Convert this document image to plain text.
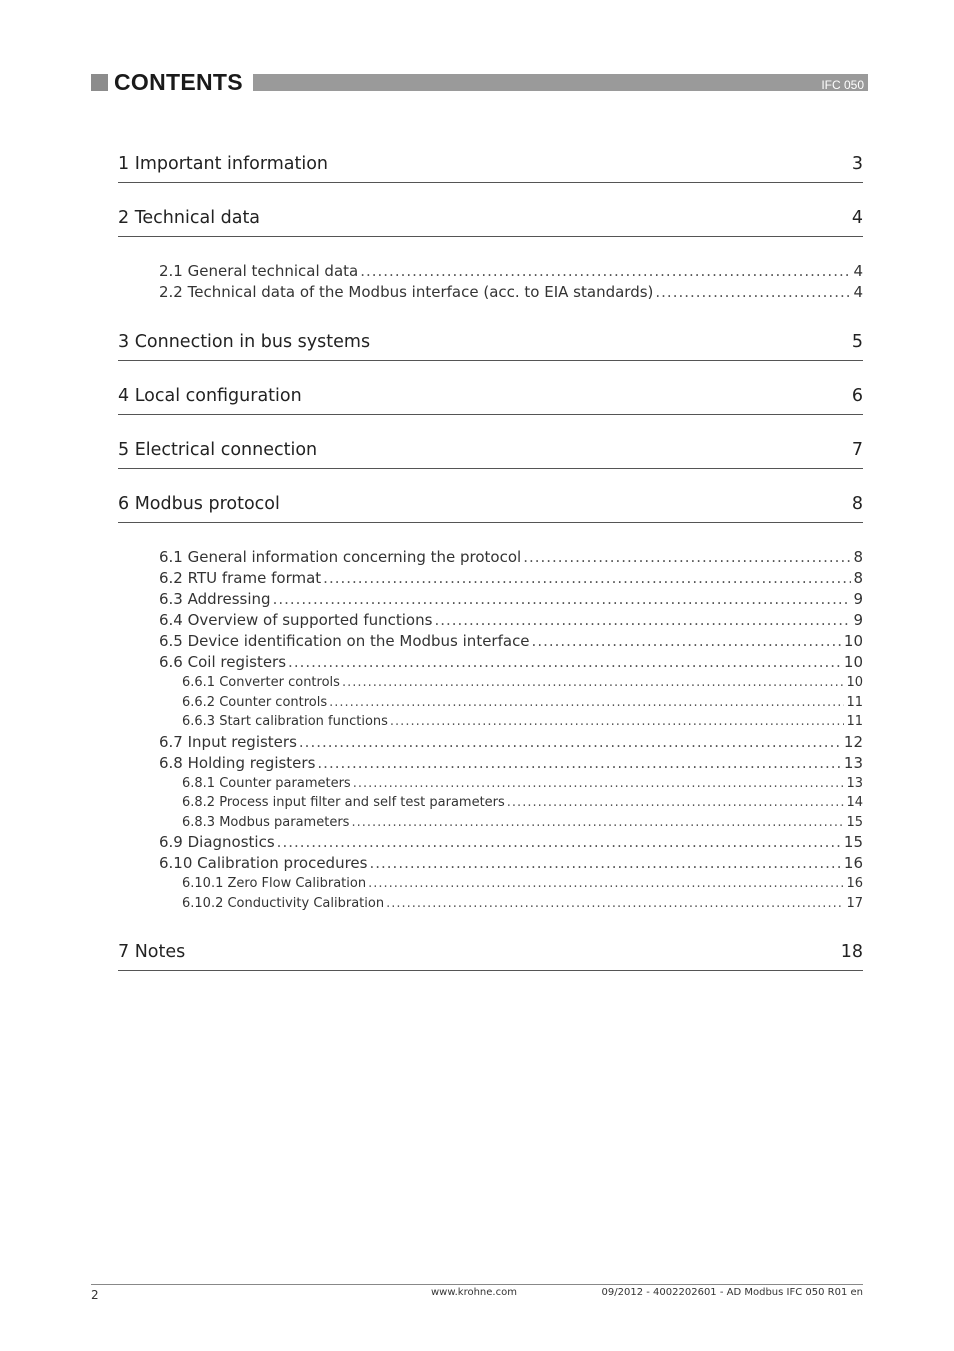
CONTENTS	IFC 050
1 Important information	3
2 Technical data	4
2.1 General technical data .....	4
2.2 Technical data of the Modbus interface (acc. to EIA standards) .....	4
3 Connection in bus systems	5
4 Local configuration	6
5 Electrical connection	7
6 Modbus protocol	8
6.1 General information concerning the protocol .....	8
6.2 RTU frame format .....	8
6.3 Addressing .....	9
6.4 Overview of supported functions .....	9
6.5 Device identification on the Modbus interface .....	10
6.6 Coil registers .....	10
6.6.1 Converter controls .....	10
6.6.2 Counter controls .....	11
6.6.3 Start calibration functions .....	11
6.7 Input registers .....	12
6.8 Holding registers .....	13
6.8.1 Counter parameters .....	13
6.8.2 Process input filter and self test parameters .....	14
6.8.3 Modbus parameters .....	15
6.9 Diagnostics .....	15
6.10 Calibration procedures .....	16
6.10.1 Zero Flow Calibration .....	16
6.10.2 Conductivity Calibration .....	17
7 Notes	18
2	www.krohne.com	09/2012 - 4002202601 - AD Modbus IFC 050 R01 en
